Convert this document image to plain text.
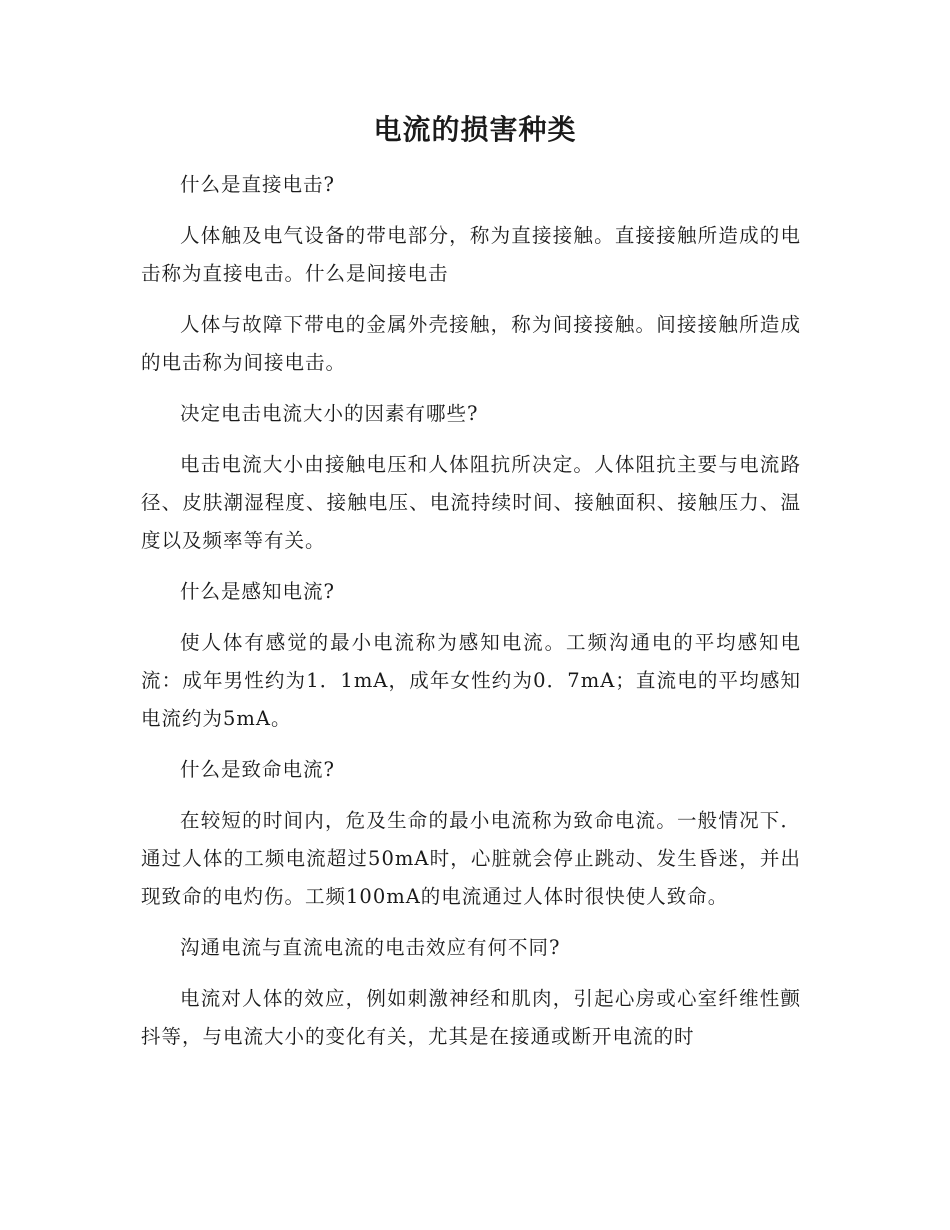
电流的损害种类

什么是直接电击?

人体触及电气设备的带电部分，称为直接接触。直接接触所造成的电击称为直接电击。什么是间接电击

人体与故障下带电的金属外壳接触，称为间接接触。间接接触所造成的电击称为间接电击。

决定电击电流大小的因素有哪些?

电击电流大小由接触电压和人体阻抗所决定。人体阻抗主要与电流路径、皮肤潮湿程度、接触电压、电流持续时间、接触面积、接触压力、温度以及频率等有关。

什么是感知电流?

使人体有感觉的最小电流称为感知电流。工频沟通电的平均感知电流：成年男性约为1．1mA，成年女性约为0．7mA；直流电的平均感知电流约为5mA。

什么是致命电流?

在较短的时间内，危及生命的最小电流称为致命电流。一般情况下．通过人体的工频电流超过50mA时，心脏就会停止跳动、发生昏迷，并出现致命的电灼伤。工频100mA的电流通过人体时很快使人致命。

沟通电流与直流电流的电击效应有何不同?

电流对人体的效应，例如刺激神经和肌肉，引起心房或心室纤维性颤抖等，与电流大小的变化有关，尤其是在接通或断开电流的时
